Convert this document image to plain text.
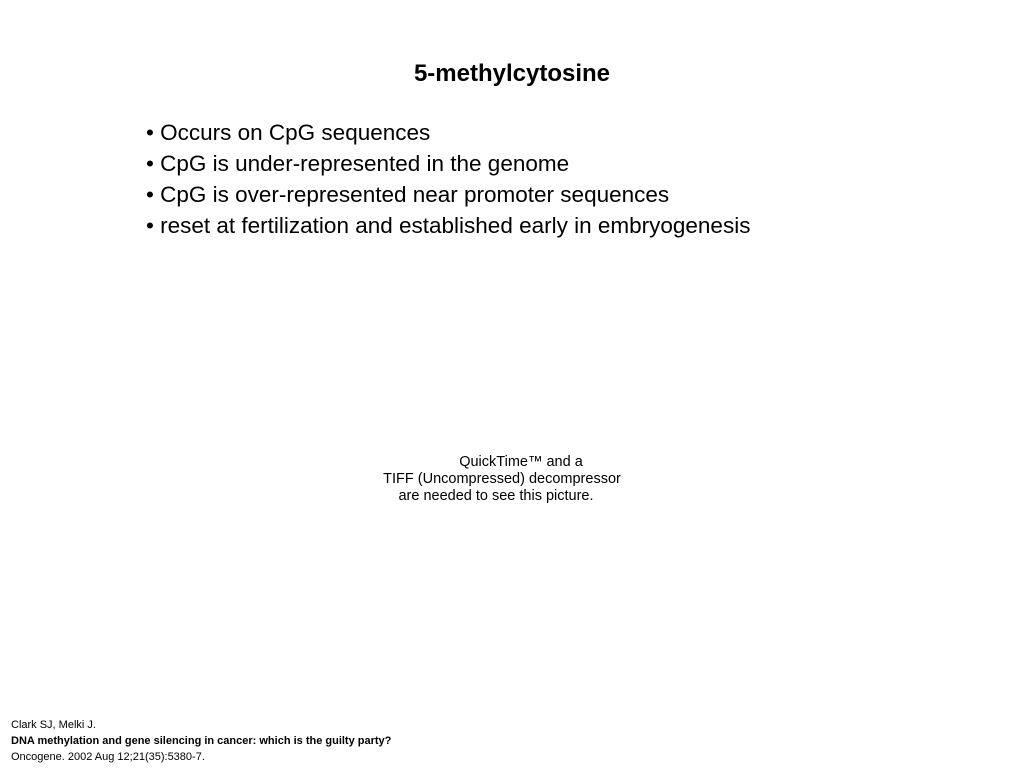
5-methylcytosine
• Occurs on CpG sequences
• CpG is under-represented in the genome
• CpG is over-represented near promoter sequences
• reset at fertilization and established early in embryogenesis
QuickTime™ and a
TIFF (Uncompressed) decompressor
are needed to see this picture.
Clark SJ, Melki J.
DNA methylation and gene silencing in cancer: which is the guilty party?
Oncogene. 2002 Aug 12;21(35):5380-7.
